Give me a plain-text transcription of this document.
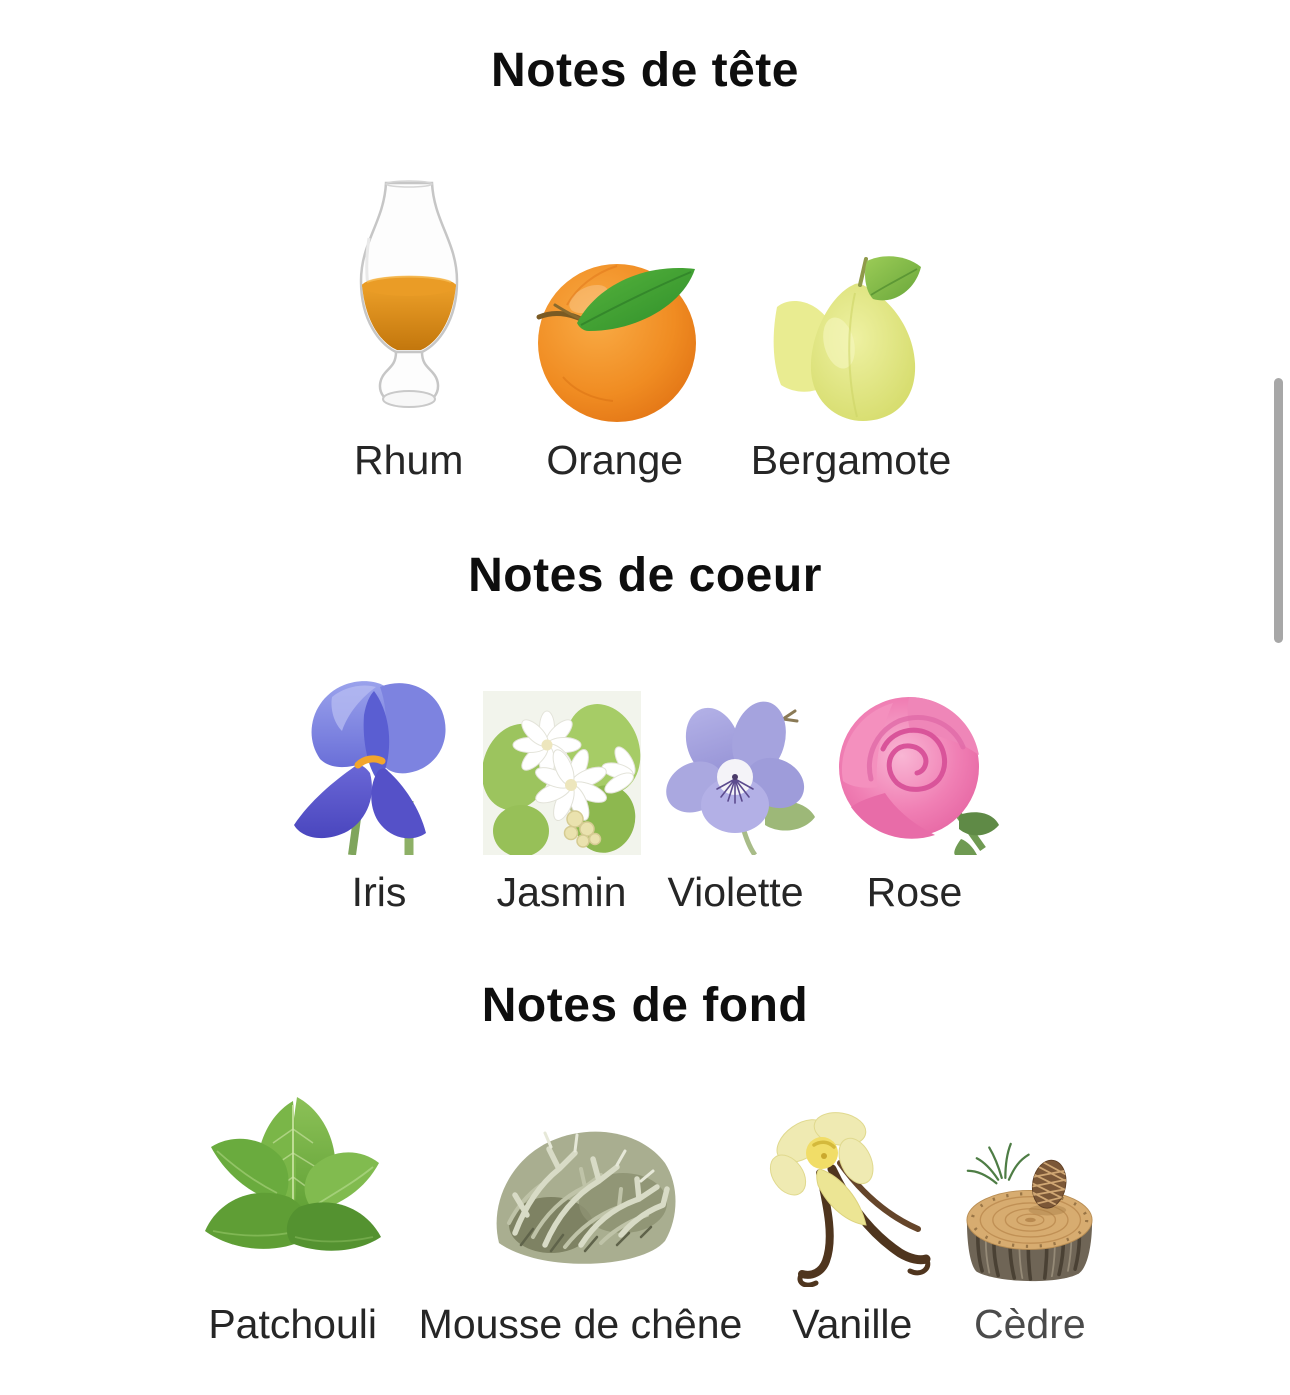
Notes de tête
Rhum Orange Bergamote
Notes de coeur
Iris Jasmin Violette Rose
Notes de fond
Patchouli Mousse de chêne Vanille Cèdre
